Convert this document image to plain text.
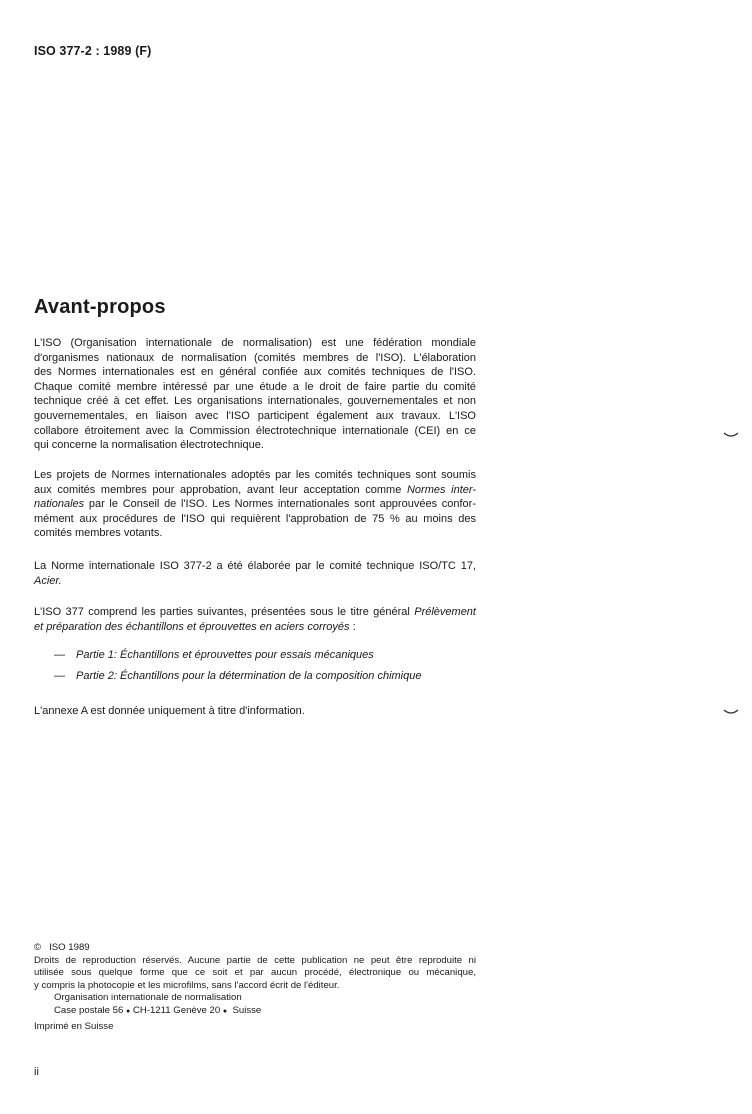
ISO 377-2 : 1989 (F)
Avant-propos
L'ISO (Organisation internationale de normalisation) est une fédération mondiale
d'organismes nationaux de normalisation (comités membres de l'ISO). L'élaboration
des Normes internationales est en général confiée aux comités techniques de l'ISO.
Chaque comité membre intéressé par une étude a le droit de faire partie du comité
technique créé à cet effet. Les organisations internationales, gouvernementales et non
gouvernementales, en liaison avec l'ISO participent également aux travaux. L'ISO
collabore étroitement avec la Commission électrotechnique internationale (CEI) en ce
qui concerne la normalisation électrotechnique.
Les projets de Normes internationales adoptés par les comités techniques sont soumis
aux comités membres pour approbation, avant leur acceptation comme Normes inter-
nationales par le Conseil de l'ISO. Les Normes internationales sont approuvées confor-
mément aux procédures de l'ISO qui requièrent l'approbation de 75 % au moins des
comités membres votants.
La Norme internationale ISO 377-2 a été élaborée par le comité technique ISO/TC 17,
Acier.
L'ISO 377 comprend les parties suivantes, présentées sous le titre général Prélèvement
et préparation des échantillons et éprouvettes en aciers corroyés :
— Partie 1: Échantillons et éprouvettes pour essais mécaniques
— Partie 2: Échantillons pour la détermination de la composition chimique
L'annexe A est donnée uniquement à titre d'information.
© ISO 1989
Droits de reproduction réservés. Aucune partie de cette publication ne peut être reproduite ni
utilisée sous quelque forme que ce soit et par aucun procédé, électronique ou mécanique,
y compris la photocopie et les microfilms, sans l'accord écrit de l'éditeur.
Organisation internationale de normalisation
Case postale 56 ● CH-1211 Genève 20 ● Suisse
Imprimé en Suisse
ii
